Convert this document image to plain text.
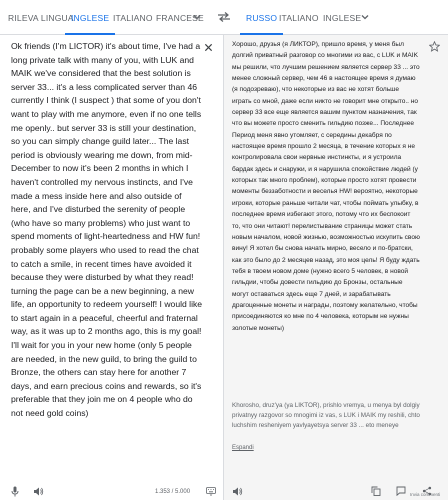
RILEVA LINGUA
INGLESE ITALIANO FRANCESE	RUSSO ITALIANO INGLESE
Ok friends (I'm LICTOR) it's about time, I've had a long private talk with many of you, with LUK and MAIK we've considered that the best solution is server 33... it's a less complicated server than 46 currently I think (I suspect ) that some of you don't want to play with me anymore, even if no one tells me openly.. but server 33 is still your destination, so you can simply change guild later... The last period is obviously wearing me down, from mid-December to now it's been 2 months in which I haven't controlled my nervous instincts, and I've made a mess inside here and also outside of here, and I've disturbed the serenity of people (who have so many problems) who just want to spend moments of light-heartedness and HW fun! probably some players who used to read the chat to catch a smile, in recent times have avoided it because they were disturbed by what they read! turning the page can be a new beginning, a new life, an opportunity to redeem yourself! I would like to start again in a peaceful, cheerful and fraternal way, as it was up to 2 months ago, this is my goal! I'll wait for you in your new home (only 5 people are needed, in the new guild, to bring the guild to Bronze, the others can stay here for another 7 days, and earn precious coins and rewards, so it's preferable that they join me on 4 people who do not need gold coins)
1.353 / 5.000
Хорошо, друзья (я ЛИКТОР), пришло время, у меня был долгий приватный разговор со многими из вас, с LUK и MAIK мы решили, что лучшим решением является сервер 33 ... это менее сложный сервер, чем 46 в настоящее время я думаю (я подозреваю), что некоторые из вас не хотят больше играть со мной, даже если никто не говорит мне открыто.. но сервер 33 все еще является вашим пунктом назначения, так что вы можете просто сменить гильдию позже... Последнее Период меня явно утомляет, с середины декабря по настоящее время прошло 2 месяца, в течение которых я не контролировала свои нервные инстинкты, и я устроила бардак здесь и снаружи, и я нарушила спокойствие людей (у которых так много проблем), которые просто хотят провести моменты беззаботности и веселья HW! вероятно, некоторые игроки, которые раньше читали чат, чтобы поймать улыбку, в последнее время избегают этого, потому что их беспокоит то, что они читают! перелистывание страницы может стать новым началом, новой жизнью, возможностью искупить свою вину! Я хотел бы снова начать мирно, весело и по-братски, как это было до 2 месяцев назад, это моя цель! Я буду ждать тебя в твоем новом доме (нужно всего 5 человек, в новой гильдии, чтобы довести гильдию до Бронзы, остальные могут оставаться здесь еще 7 дней, и зарабатывать драгоценные монеты и награды, поэтому желательно, чтобы присоединяются ко мне по 4 человека, которым не нужны золотые монеты)
Khorosho, druz'ya (ya LIKTOR), prishlo vremya, u menya byl dolgiy privatnyy razgovor so mnogimi iz vas, s LUK i MAIK my reshili, chto luchshim resheniyem yavlyayetsya server 33 ... eto meneye
Espandi
Invia commenti
